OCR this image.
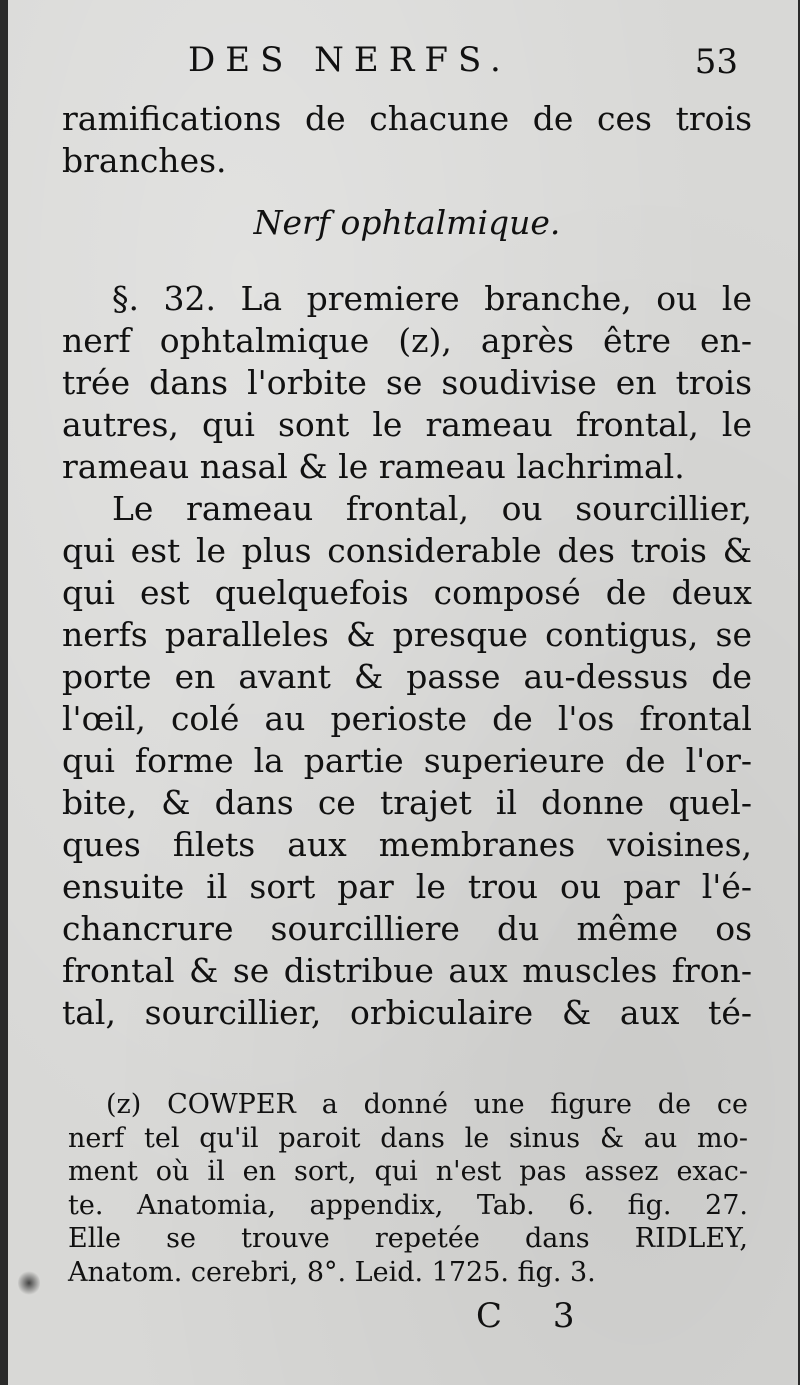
DES NERFS.	53
ramifications de chacune de ces trois
branches.
Nerf ophtalmique.
§. 32. La premiere branche, ou le
nerf ophtalmique (z), après être en-
trée dans l'orbite se soudivise en trois
autres, qui sont le rameau frontal, le
rameau nasal & le rameau lachrimal.
Le rameau frontal, ou sourcillier,
qui est le plus considerable des trois &
qui est quelquefois composé de deux
nerfs paralleles & presque contigus, se
porte en avant & passe au-dessus de
l'œil, colé au perioste de l'os frontal
qui forme la partie superieure de l'or-
bite, & dans ce trajet il donne quel-
ques filets aux membranes voisines,
ensuite il sort par le trou ou par l'é-
chancrure sourcilliere du même os
frontal & se distribue aux muscles fron-
tal, sourcillier, orbiculaire & aux té-
(z) COWPER a donné une figure de ce
nerf tel qu'il paroit dans le sinus & au mo-
ment où il en sort, qui n'est pas assez exac-
te. Anatomia, appendix, Tab. 6. fig. 27.
Elle se trouve repetée dans RIDLEY,
Anatom. cerebri, 8°. Leid. 1725. fig. 3.
C 3
